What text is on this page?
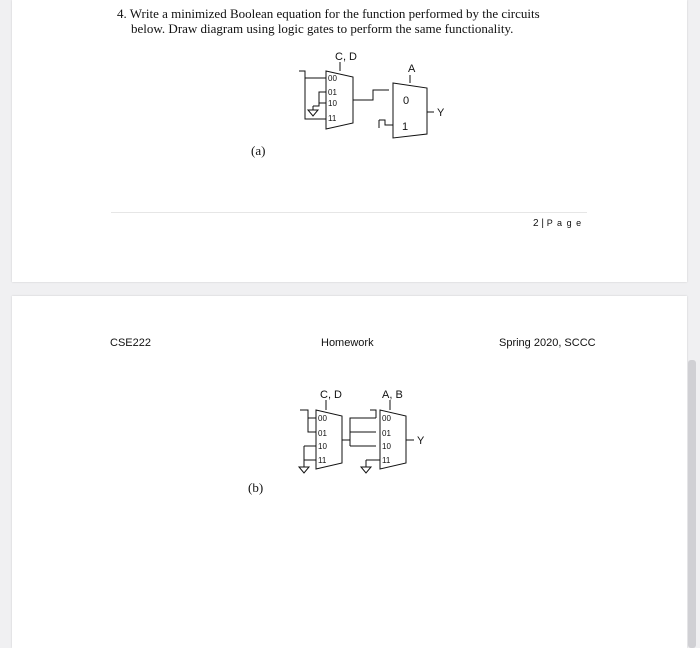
4. Write a minimized Boolean equation for the function performed by the circuits
below. Draw diagram using logic gates to perform the same functionality.
C, D
00
01
10
11
A
0
1
Y
(a)
2 | P a g e
CSE222	Homework	Spring 2020, SCCC
C, D
00
01
10
11
A, B
00
01
10
11
Y
(b)
